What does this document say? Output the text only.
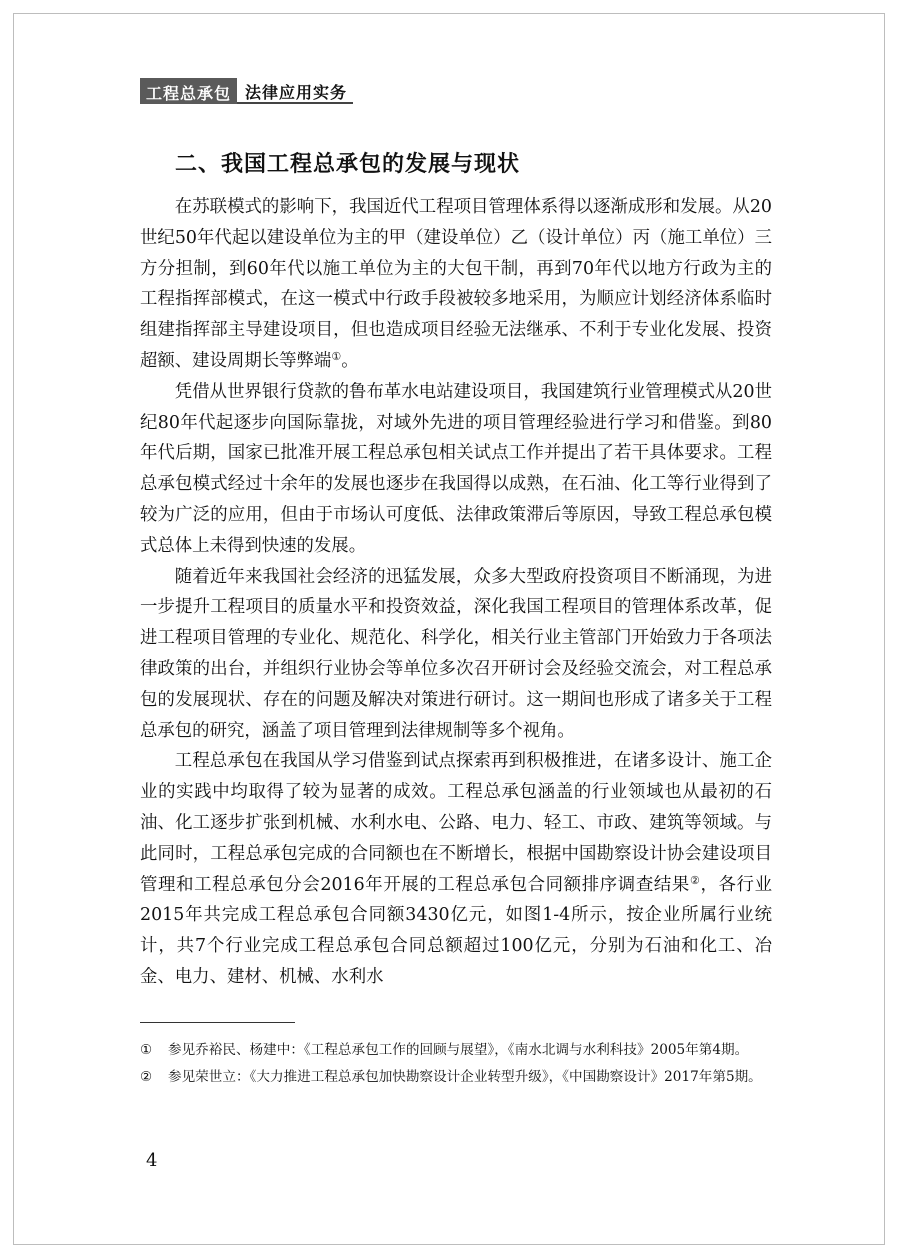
工程总承包 法律应用实务
二、我国工程总承包的发展与现状

在苏联模式的影响下，我国近代工程项目管理体系得以逐渐成形和发展。从20世纪50年代起以建设单位为主的甲（建设单位）乙（设计单位）丙（施工单位）三方分担制，到60年代以施工单位为主的大包干制，再到70年代以地方行政为主的工程指挥部模式，在这一模式中行政手段被较多地采用，为顺应计划经济体系临时组建指挥部主导建设项目，但也造成项目经验无法继承、不利于专业化发展、投资超额、建设周期长等弊端①。

凭借从世界银行贷款的鲁布革水电站建设项目，我国建筑行业管理模式从20世纪80年代起逐步向国际靠拢，对域外先进的项目管理经验进行学习和借鉴。到80年代后期，国家已批准开展工程总承包相关试点工作并提出了若干具体要求。工程总承包模式经过十余年的发展也逐步在我国得以成熟，在石油、化工等行业得到了较为广泛的应用，但由于市场认可度低、法律政策滞后等原因，导致工程总承包模式总体上未得到快速的发展。

随着近年来我国社会经济的迅猛发展，众多大型政府投资项目不断涌现，为进一步提升工程项目的质量水平和投资效益，深化我国工程项目的管理体系改革，促进工程项目管理的专业化、规范化、科学化，相关行业主管部门开始致力于各项法律政策的出台，并组织行业协会等单位多次召开研讨会及经验交流会，对工程总承包的发展现状、存在的问题及解决对策进行研讨。这一期间也形成了诸多关于工程总承包的研究，涵盖了项目管理到法律规制等多个视角。

工程总承包在我国从学习借鉴到试点探索再到积极推进，在诸多设计、施工企业的实践中均取得了较为显著的成效。工程总承包涵盖的行业领域也从最初的石油、化工逐步扩张到机械、水利水电、公路、电力、轻工、市政、建筑等领域。与此同时，工程总承包完成的合同额也在不断增长，根据中国勘察设计协会建设项目管理和工程总承包分会2016年开展的工程总承包合同额排序调查结果②，各行业2015年共完成工程总承包合同额3430亿元，如图1-4所示，按企业所属行业统计，共7个行业完成工程总承包合同总额超过100亿元，分别为石油和化工、冶金、电力、建材、机械、水利水

①	参见乔裕民、杨建中：《工程总承包工作的回顾与展望》，《南水北调与水利科技》2005年第4期。
②	参见荣世立：《大力推进工程总承包加快勘察设计企业转型升级》，《中国勘察设计》2017年第5期。
4
